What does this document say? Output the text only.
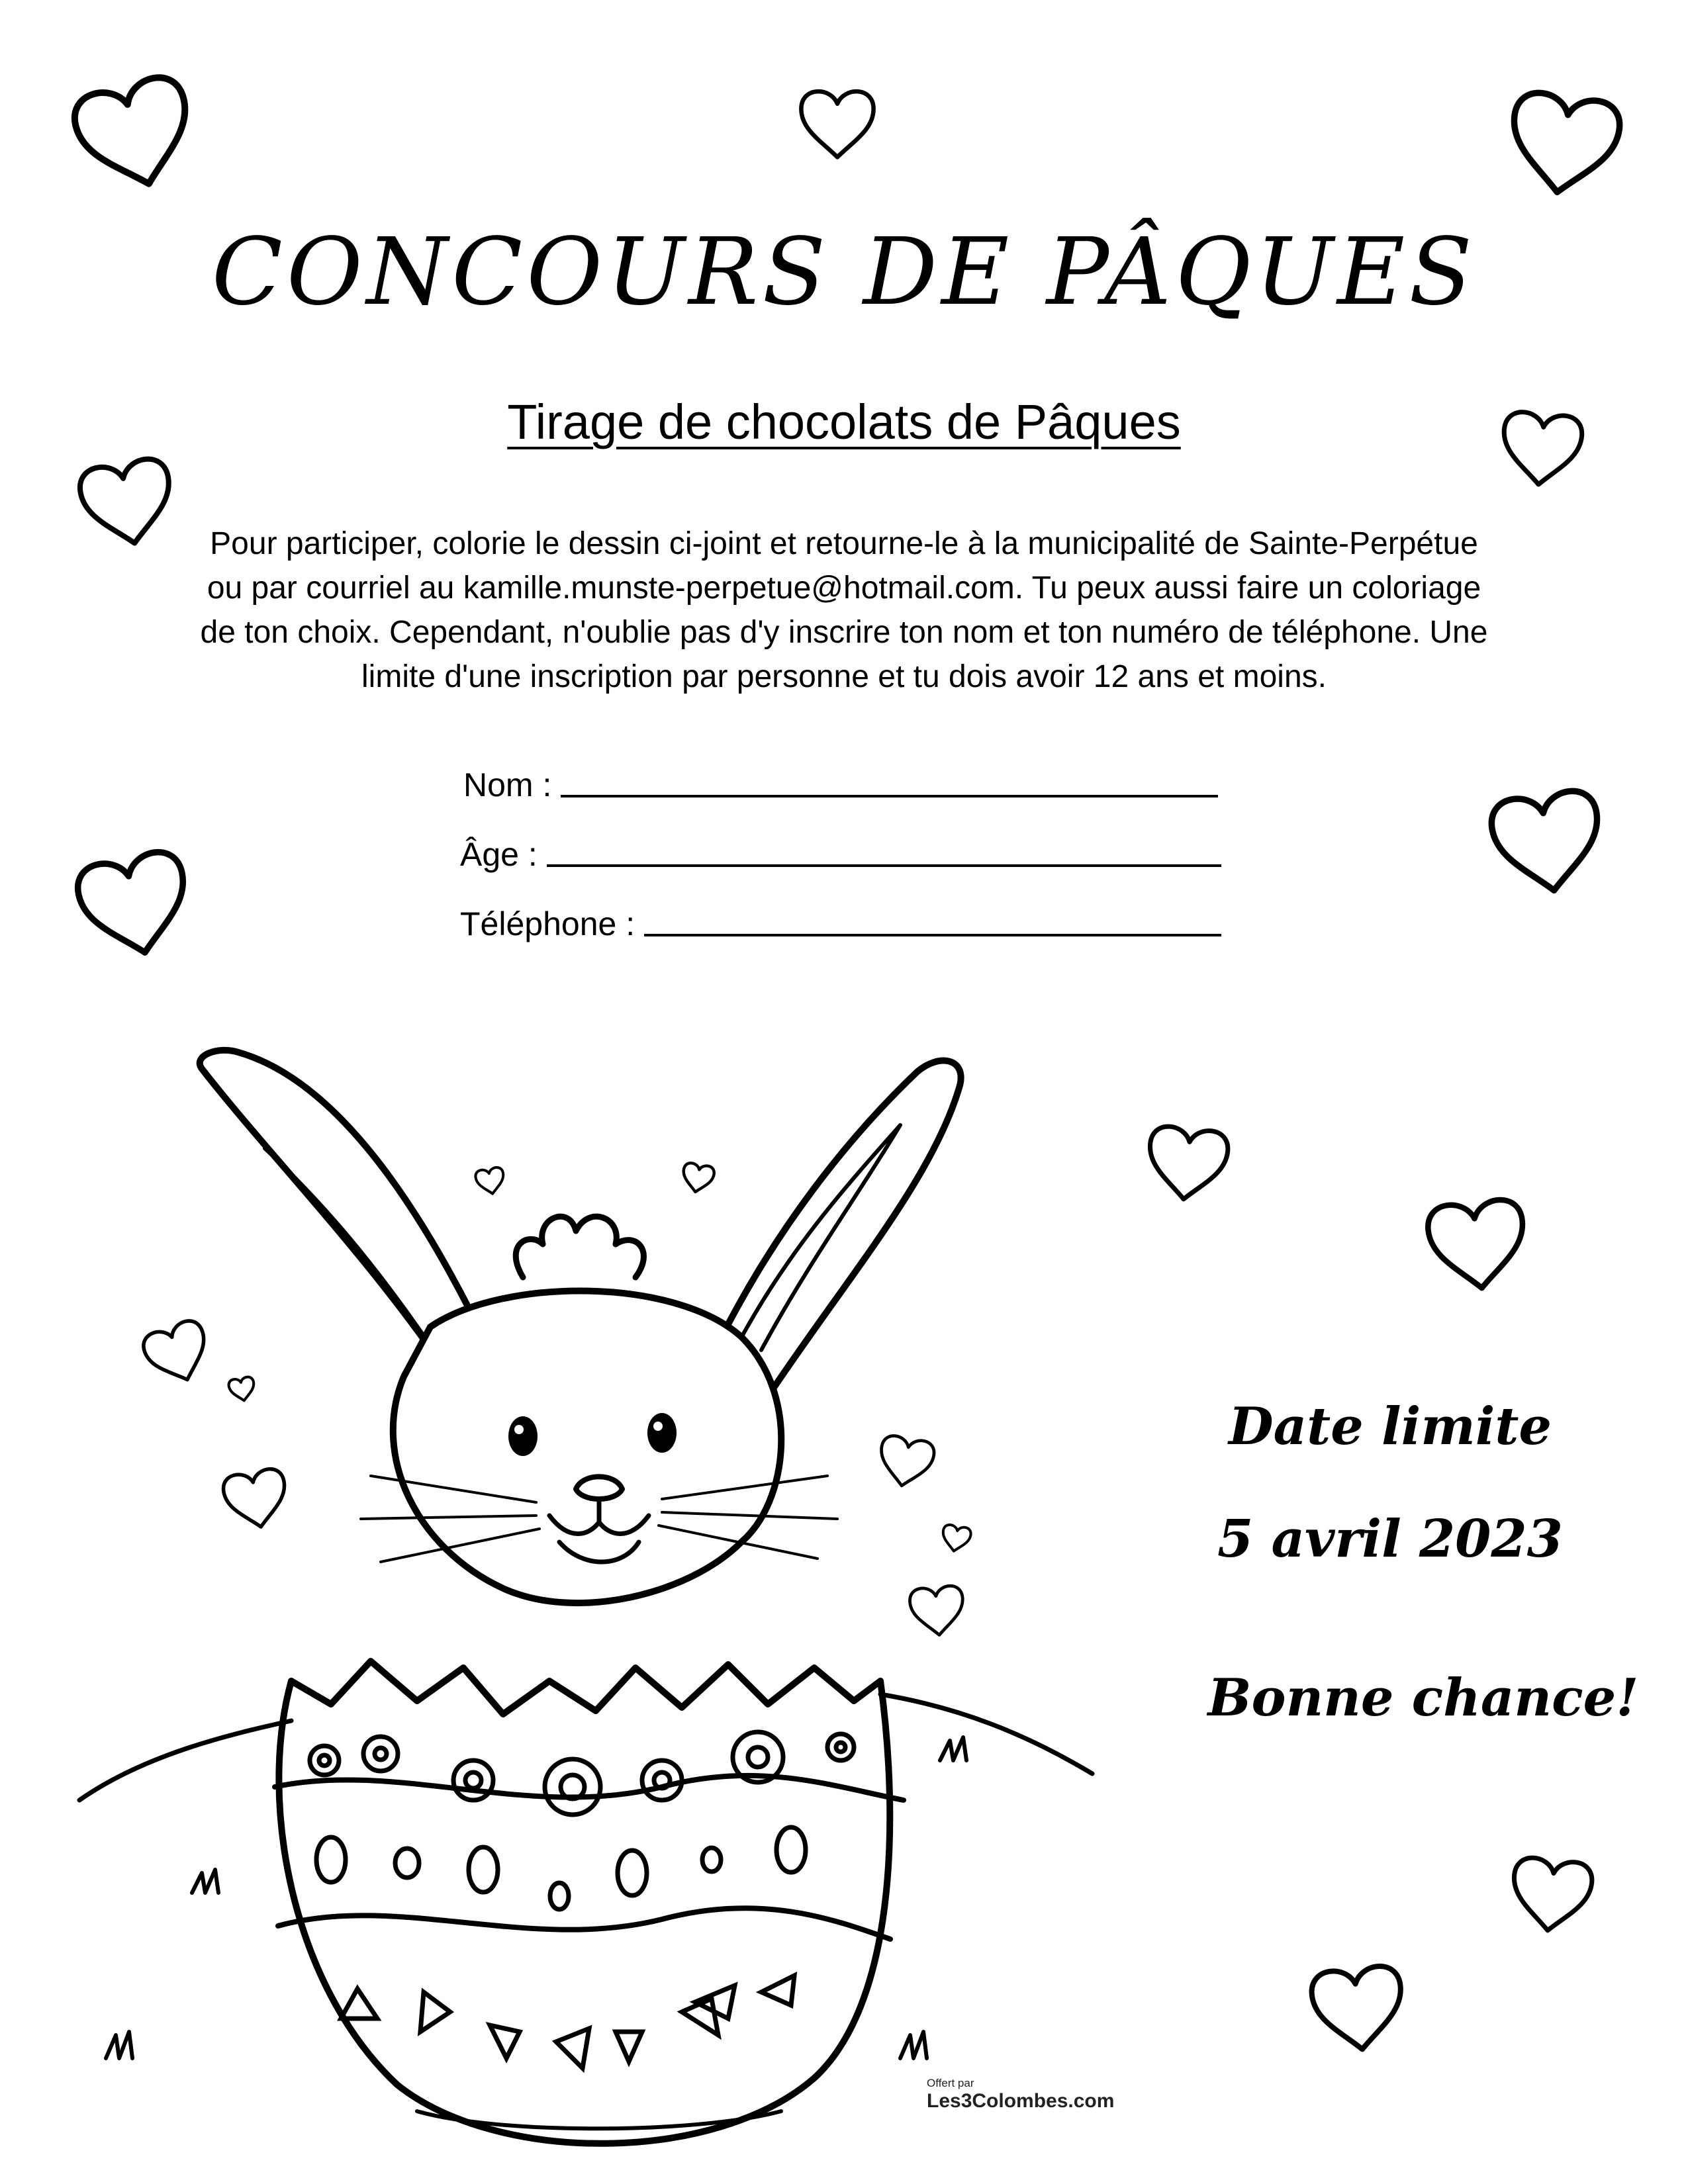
CONCOURS DE PÂQUES
Tirage de chocolats de Pâques

Pour participer, colorie le dessin ci-joint et retourne-le à la municipalité de Sainte-Perpétue ou par courriel au kamille.munste-perpetue@hotmail.com. Tu peux aussi faire un coloriage de ton choix. Cependant, n'oublie pas d'y inscrire ton nom et ton numéro de téléphone. Une limite d'une inscription par personne et tu dois avoir 12 ans et moins.

Nom :
Âge :
Téléphone :
Date limite
5 avril 2023
Bonne chance!
Offert par
Les3Colombes.com
